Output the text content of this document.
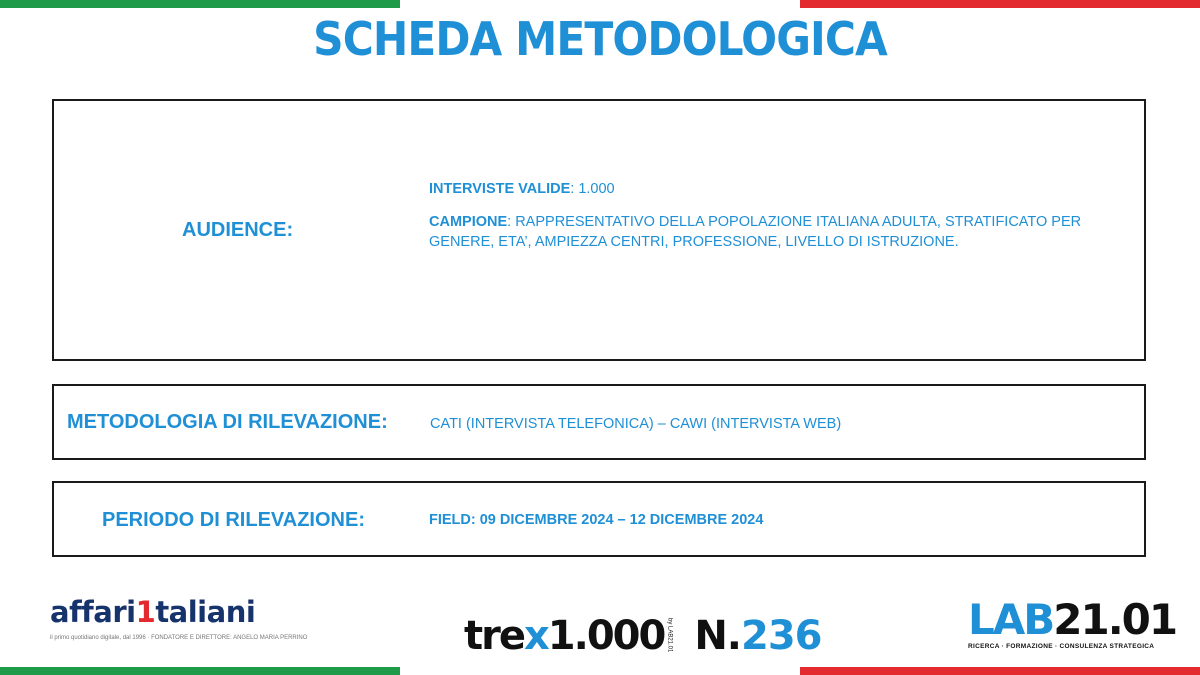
SCHEDA METODOLOGICA
AUDIENCE:

INTERVISTE VALIDE: 1.000

CAMPIONE: RAPPRESENTATIVO DELLA POPOLAZIONE ITALIANA ADULTA, STRATIFICATO PER GENERE, ETA’, AMPIEZZA CENTRI, PROFESSIONE, LIVELLO DI ISTRUZIONE.

METODOLOGIA DI RILEVAZIONE:	CATI (INTERVISTA TELEFONICA) – CAWI (INTERVISTA WEB)
PERIODO DI RILEVAZIONE:	FIELD: 09 DICEMBRE 2024 – 12 DICEMBRE 2024
affari1taliani
il primo quotidiano digitale, dal 1996 · FONDATORE E DIRETTORE: ANGELO MARIA PERRINO	trex1.000 by LAB21.01 N.236	LAB21.01
RICERCA · FORMAZIONE · CONSULENZA STRATEGICA
